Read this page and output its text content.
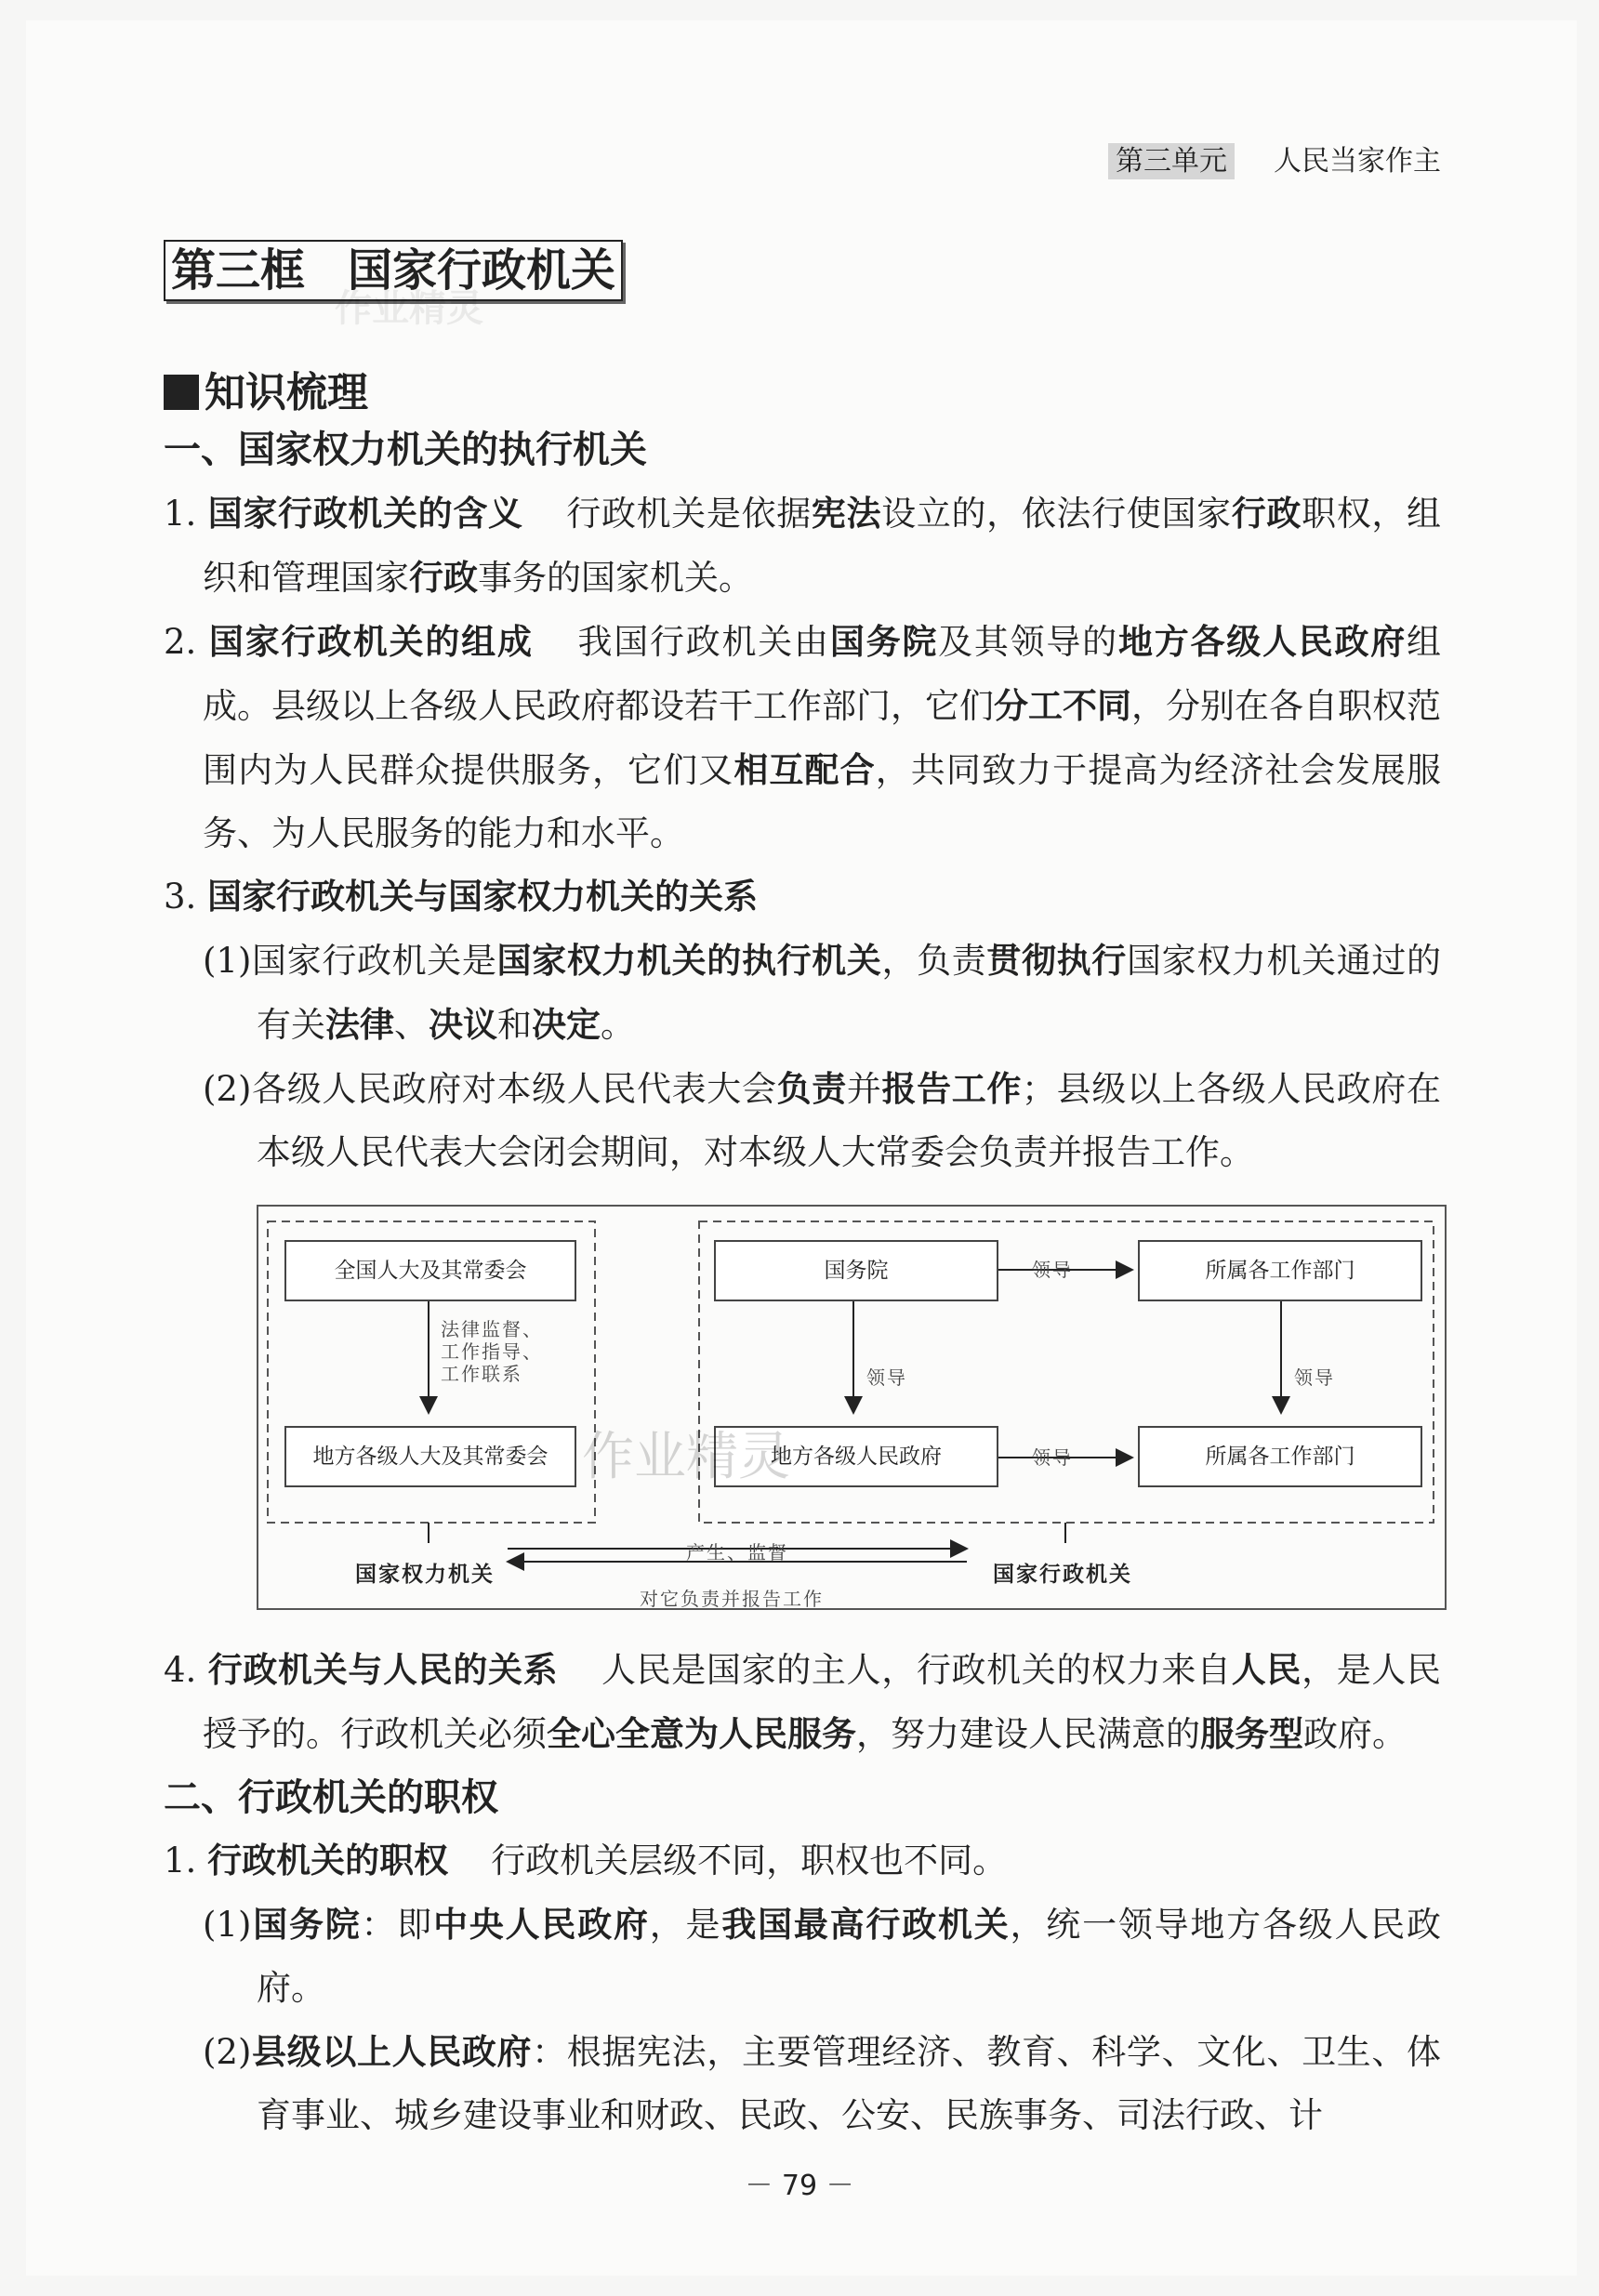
第三单元 人民当家作主
第三框 国家行政机关
作业精灵
知识梳理
一、国家权力机关的执行机关
1. 国家行政机关的含义 行政机关是依据宪法设立的，依法行使国家行政职权，组织和管理国家行政事务的国家机关。
2. 国家行政机关的组成 我国行政机关由国务院及其领导的地方各级人民政府组成。县级以上各级人民政府都设若干工作部门，它们分工不同，分别在各自职权范围内为人民群众提供服务，它们又相互配合，共同致力于提高为经济社会发展服务、为人民服务的能力和水平。
3. 国家行政机关与国家权力机关的关系
(1)国家行政机关是国家权力机关的执行机关，负责贯彻执行国家权力机关通过的有关法律、决议和决定。
(2)各级人民政府对本级人民代表大会负责并报告工作；县级以上各级人民政府在本级人民代表大会闭会期间，对本级人大常委会负责并报告工作。
全国人大及其常委会
地方各级人大及其常委会
法律监督、
工作指导、
工作联系
国务院
地方各级人民政府
所属各工作部门
所属各工作部门
领导
领导	领导
领导
国家权力机关	国家行政机关
产生、监督
对它负责并报告工作
作业精灵
4. 行政机关与人民的关系 人民是国家的主人，行政机关的权力来自人民，是人民授予的。行政机关必须全心全意为人民服务，努力建设人民满意的服务型政府。
二、行政机关的职权
1. 行政机关的职权 行政机关层级不同，职权也不同。
(1)国务院：即中央人民政府，是我国最高行政机关，统一领导地方各级人民政府。
(2)县级以上人民政府：根据宪法，主要管理经济、教育、科学、文化、卫生、体育事业、城乡建设事业和财政、民政、公安、民族事务、司法行政、计
－ 79 －
